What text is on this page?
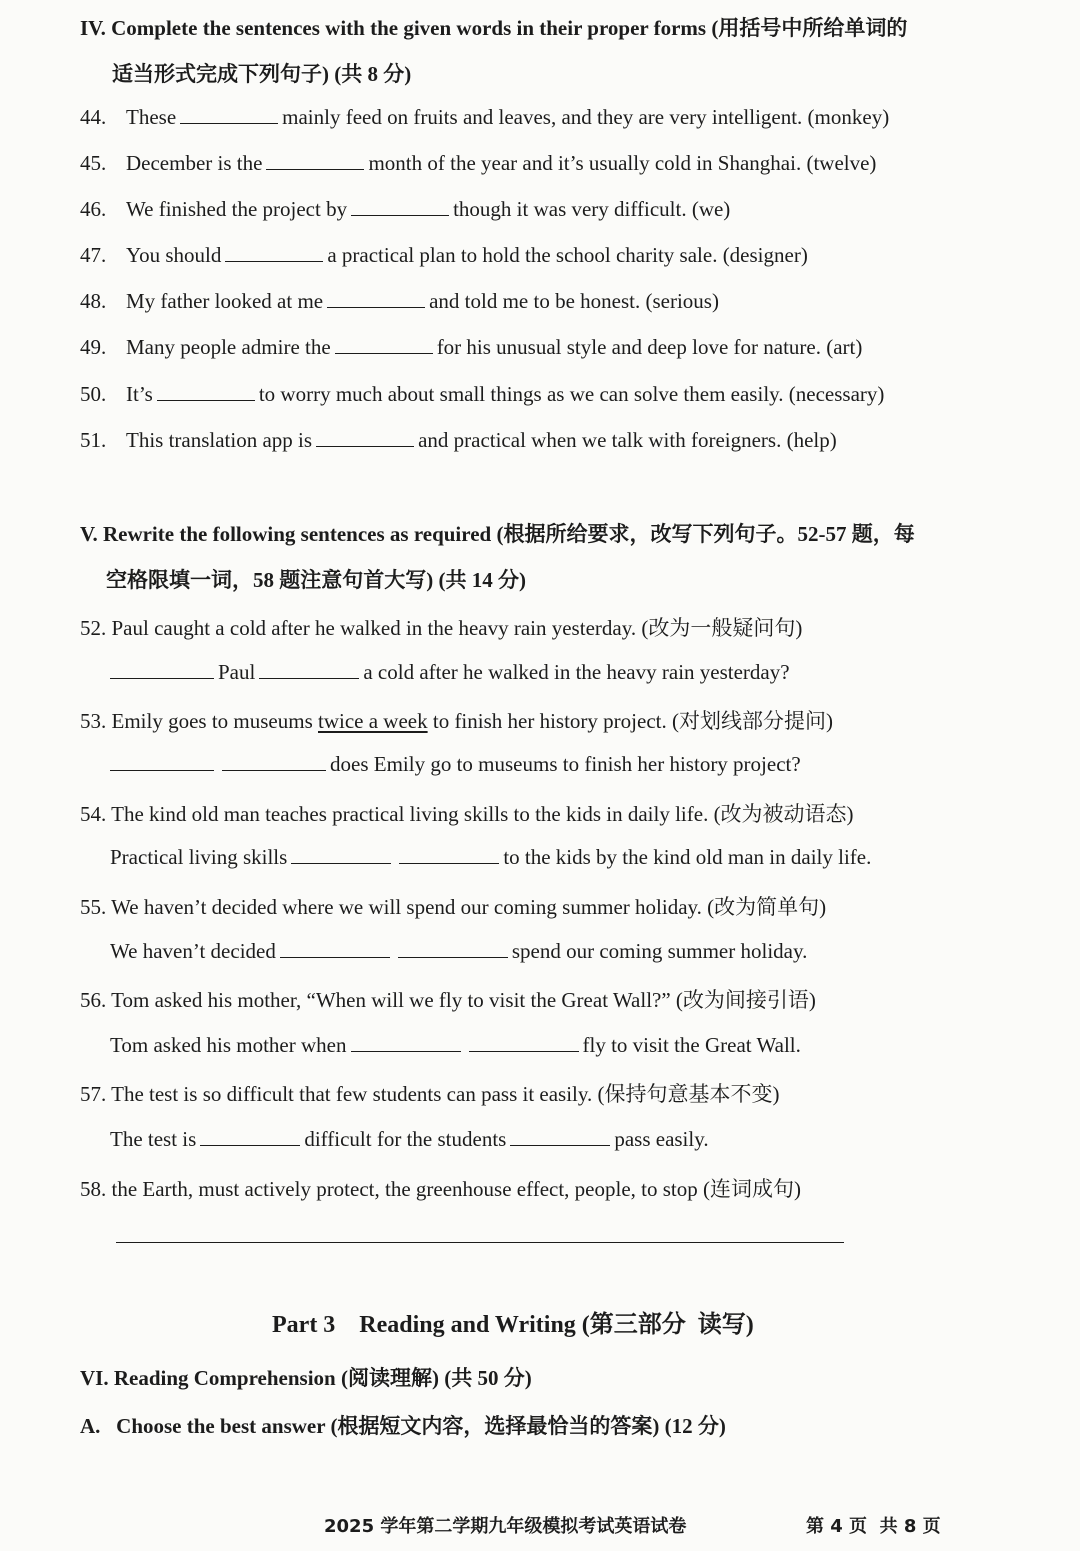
IV. Complete the sentences with the given words in their proper forms (用括号中所给单词的
适当形式完成下列句子) (共 8 分)
44. These	mainly feed on fruits and leaves, and they are very intelligent. (monkey)
45. December is the	month of the year and it’s usually cold in Shanghai. (twelve)
46. We finished the project by	though it was very difficult. (we)
47. You should	a practical plan to hold the school charity sale. (designer)
48. My father looked at me	and told me to be honest. (serious)
49. Many people admire the	for his unusual style and deep love for nature. (art)
50. It’s	to worry much about small things as we can solve them easily. (necessary)
51. This translation app is	and practical when we talk with foreigners. (help)
V. Rewrite the following sentences as required (根据所给要求，改写下列句子。52-57 题，每
空格限填一词，58 题注意句首大写) (共 14 分)
52. Paul caught a cold after he walked in the heavy rain yesterday. (改为一般疑问句)
Paul	a cold after he walked in the heavy rain yesterday?
53. Emily goes to museums twice a week to finish her history project. (对划线部分提问)
does Emily go to museums to finish her history project?
54. The kind old man teaches practical living skills to the kids in daily life. (改为被动语态)
Practical living skills	to the kids by the kind old man in daily life.
55. We haven’t decided where we will spend our coming summer holiday. (改为简单句)
We haven’t decided	spend our coming summer holiday.
56. Tom asked his mother, “When will we fly to visit the Great Wall?” (改为间接引语)
Tom asked his mother when	fly to visit the Great Wall.
57. The test is so difficult that few students can pass it easily. (保持句意基本不变)
The test is	difficult for the students	pass easily.
58. the Earth, must actively protect, the greenhouse effect, people, to stop (连词成句)
Part 3    Reading and Writing (第三部分  读写)
VI. Reading Comprehension (阅读理解) (共 50 分)
A.   Choose the best answer (根据短文内容，选择最恰当的答案) (12 分)
2025 学年第二学期九年级模拟考试英语试卷	第 4 页  共 8 页
